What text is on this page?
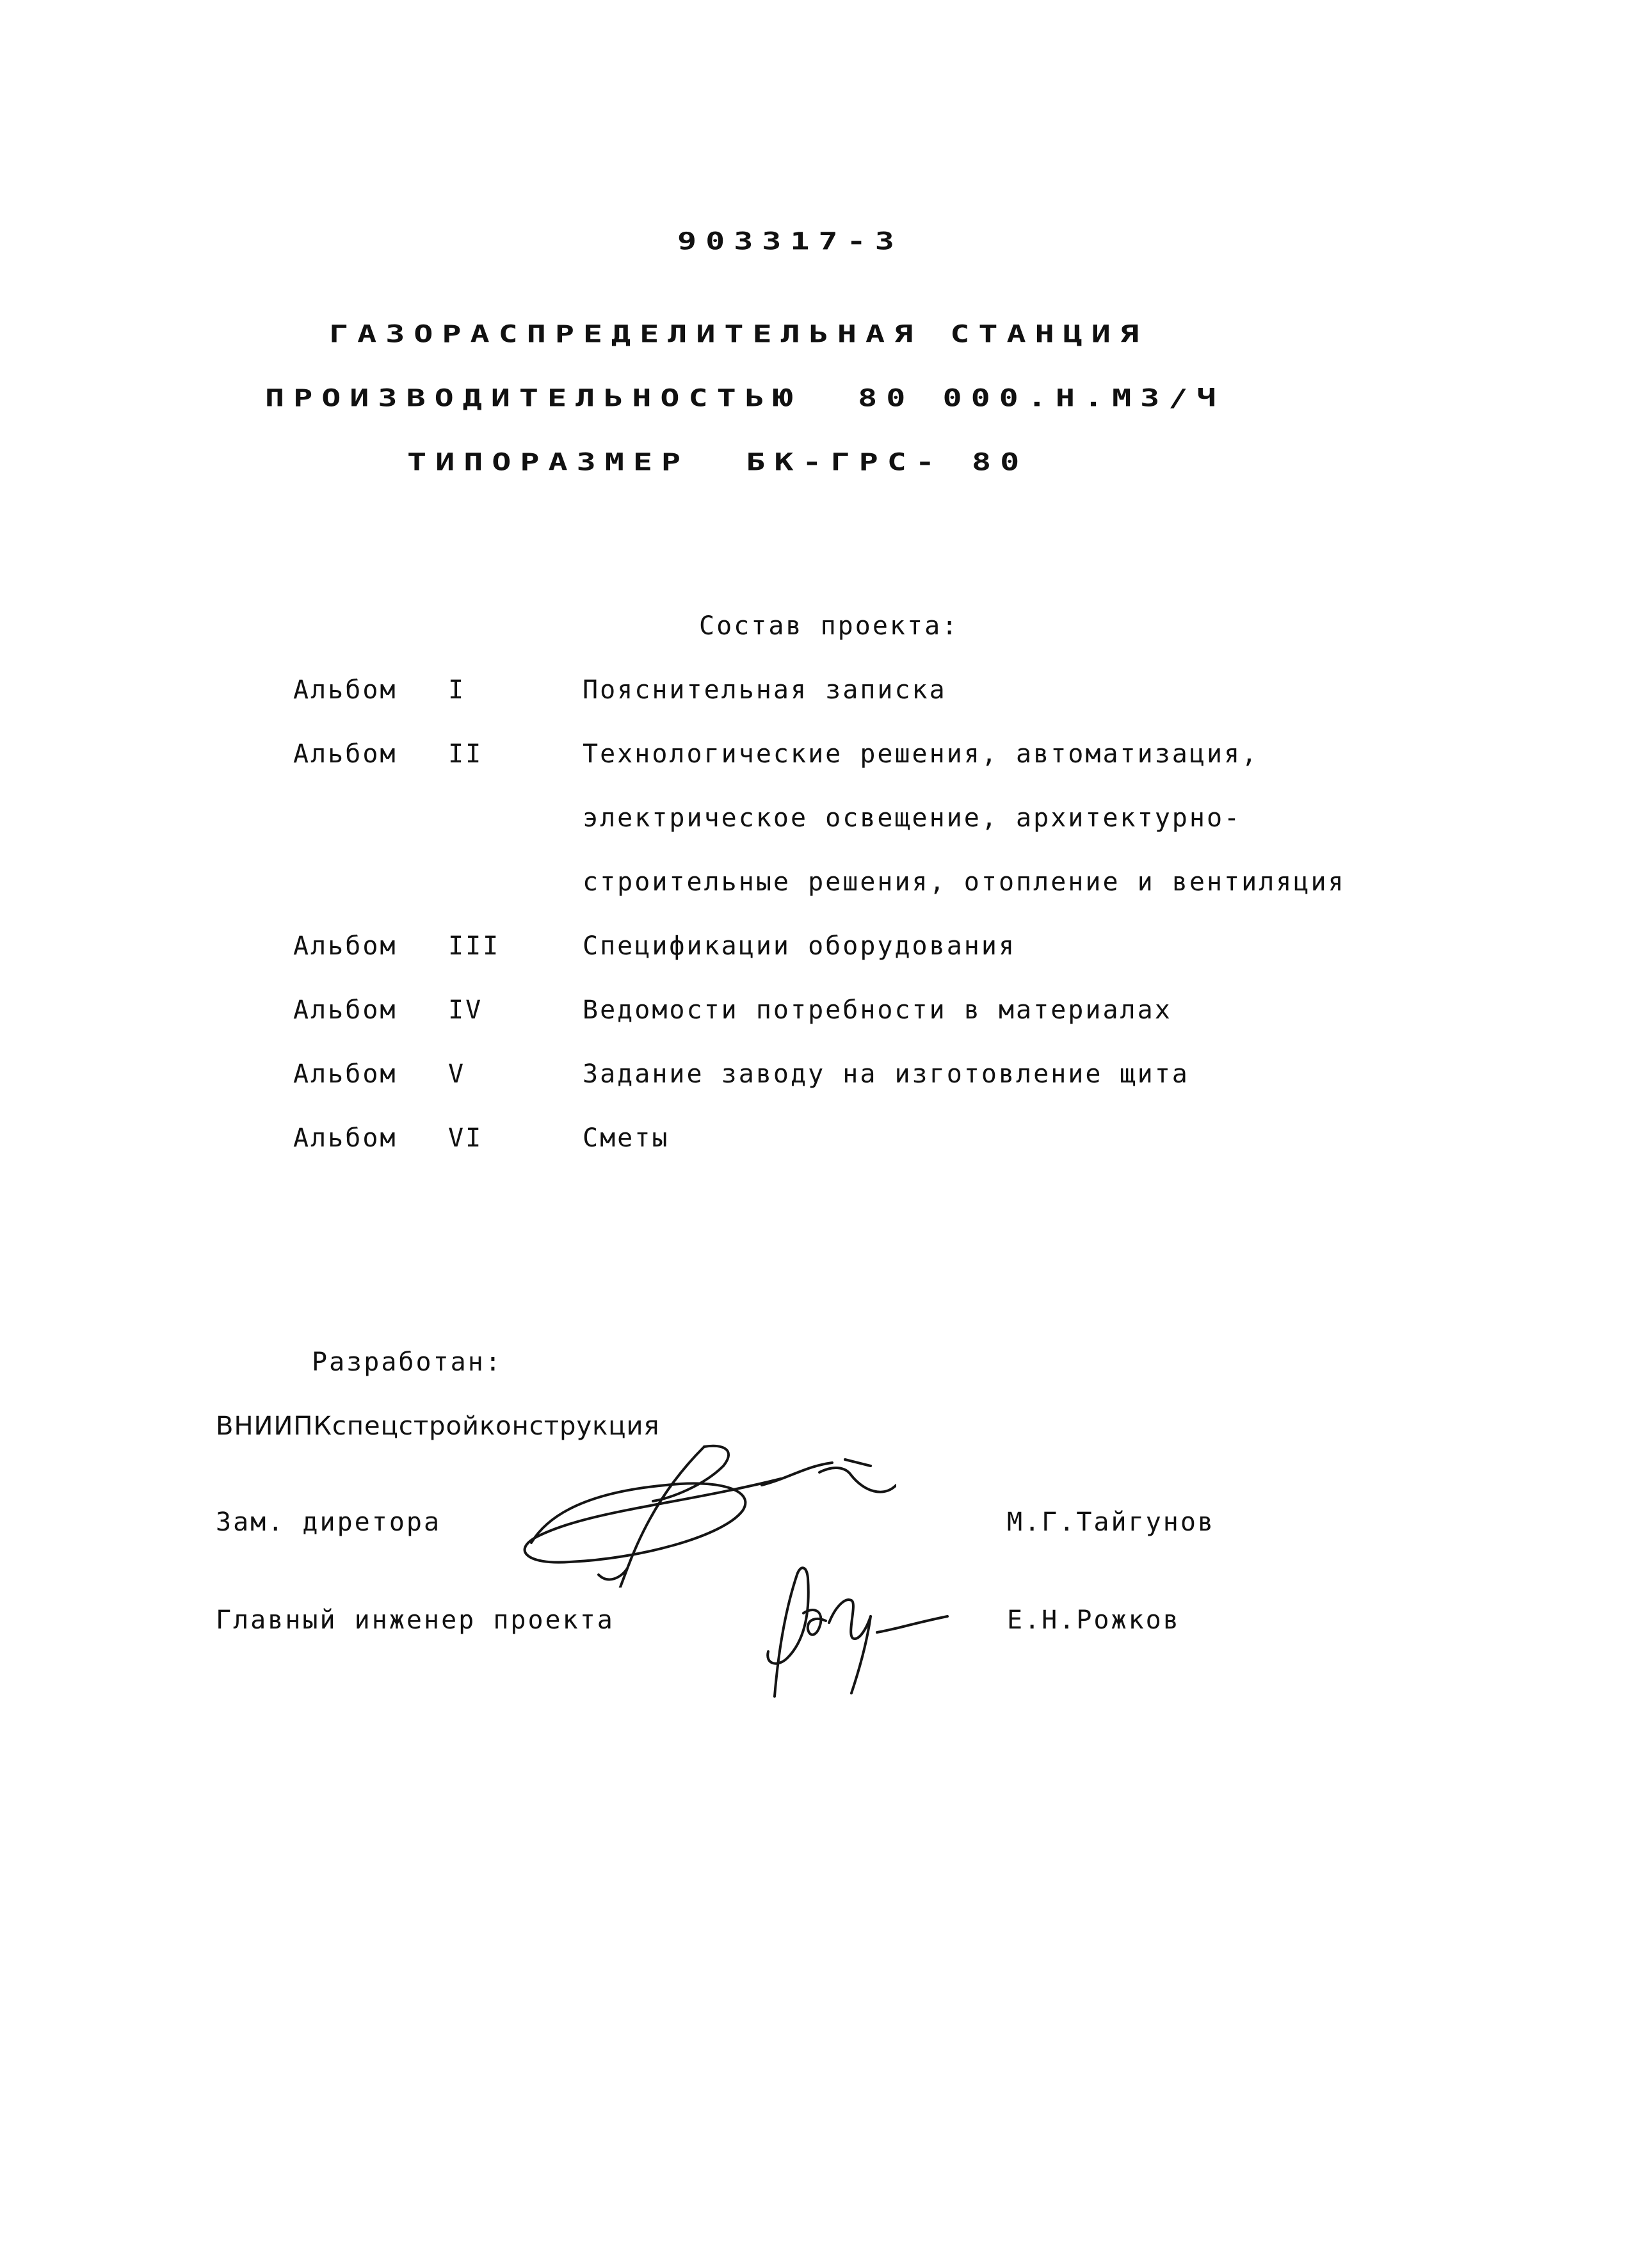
903317-3
ГАЗОРАСПРЕДЕЛИТЕЛЬНАЯ СТАНЦИЯ
ПРОИЗВОДИТЕЛЬНОСТЬЮ  80 000.Н.М3/Ч
ТИПОРАЗМЕР  БК-ГРС- 80
Состав проекта:
Альбом I	Пояснительная записка
Альбом II	Технологические решения, автоматизация,
электрическое освещение, архитектурно-
строительные решения, отопление и вентиляция
Альбом III	Спецификации оборудования
Альбом IV	Ведомости потребности в материалах
Альбом V	Задание заводу на изготовление щита
Альбом VI	Сметы
Разработан:
ВНИИПКспецстройконструкция
Зам. диретора	М.Г.Тайгунов
Главный инженер проекта	Е.Н.Рожков
